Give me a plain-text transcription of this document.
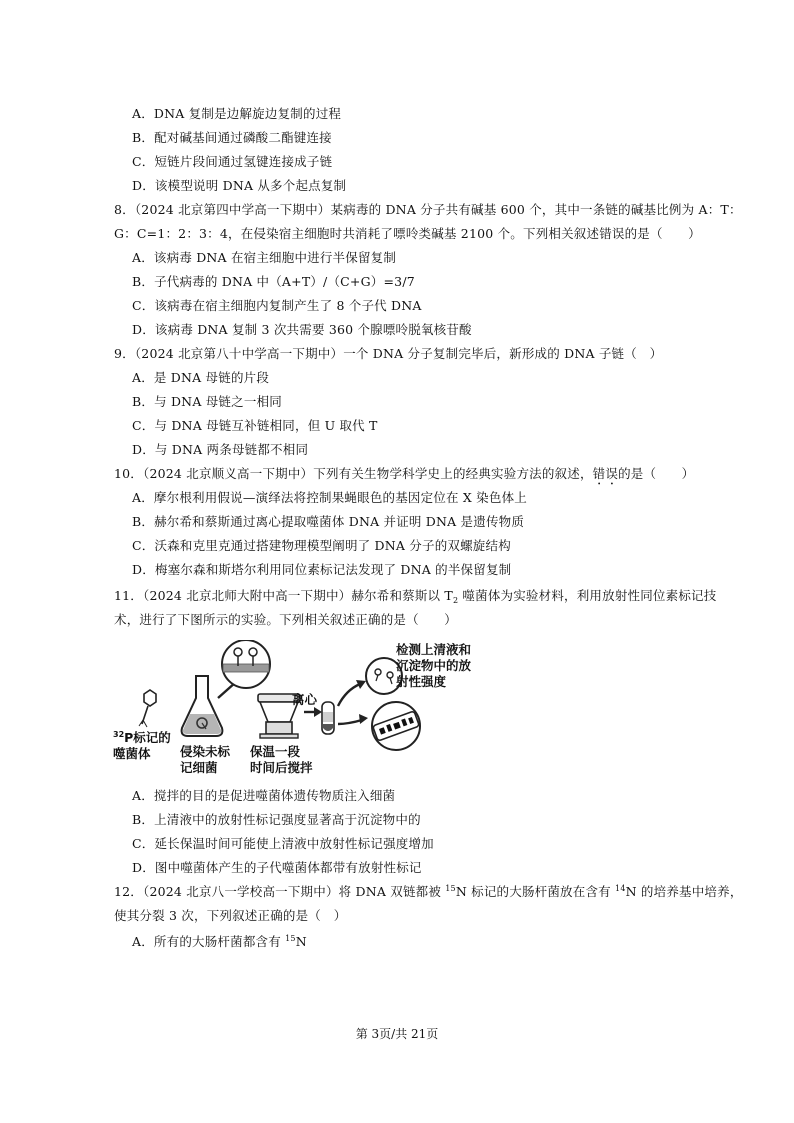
A．DNA 复制是边解旋边复制的过程
B．配对碱基间通过磷酸二酯键连接
C．短链片段间通过氢键连接成子链
D．该模型说明 DNA 从多个起点复制
8．（2024 北京第四中学高一下期中）某病毒的 DNA 分子共有碱基 600 个，其中一条链的碱基比例为 A：T：
G：C=1：2：3：4，在侵染宿主细胞时共消耗了嘌呤类碱基 2100 个。下列相关叙述错误的是（　　）
A．该病毒 DNA 在宿主细胞中进行半保留复制
B．子代病毒的 DNA 中（A+T）/（C+G）=3/7
C．该病毒在宿主细胞内复制产生了 8 个子代 DNA
D．该病毒 DNA 复制 3 次共需要 360 个腺嘌呤脱氧核苷酸
9．（2024 北京第八十中学高一下期中）一个 DNA 分子复制完毕后，新形成的 DNA 子链（　）
A．是 DNA 母链的片段
B．与 DNA 母链之一相同
C．与 DNA 母链互补链相同，但 U 取代 T
D．与 DNA 两条母链都不相同
10．（2024 北京顺义高一下期中）下列有关生物学科学史上的经典实验方法的叙述，错误的是（　　）
A．摩尔根利用假说—演绎法将控制果蝇眼色的基因定位在 X 染色体上
B．赫尔希和蔡斯通过离心提取噬菌体 DNA 并证明 DNA 是遗传物质
C．沃森和克里克通过搭建物理模型阐明了 DNA 分子的双螺旋结构
D．梅塞尔森和斯塔尔利用同位素标记法发现了 DNA 的半保留复制
11．（2024 北京北师大附中高一下期中）赫尔希和蔡斯以 $T_2$ 噬菌体为实验材料，利用放射性同位素标记技
术，进行了下图所示的实验。下列相关叙述正确的是（　　）
$^{32}$P标记的
噬菌体	侵染未标
记细菌
保温一段
时间后搅拌
离心
检测上清液和
沉淀物中的放
射性强度
A．搅拌的目的是促进噬菌体遗传物质注入细菌
B．上清液中的放射性标记强度显著高于沉淀物中的
C．延长保温时间可能使上清液中放射性标记强度增加
D．图中噬菌体产生的子代噬菌体都带有放射性标记
12．（2024 北京八一学校高一下期中）将 DNA 双链都被 $^{15}$N 标记的大肠杆菌放在含有 $^{14}$N 的培养基中培养，
使其分裂 3 次，下列叙述正确的是（　）
A．所有的大肠杆菌都含有 $^{15}$N
第 3页/共 21页
